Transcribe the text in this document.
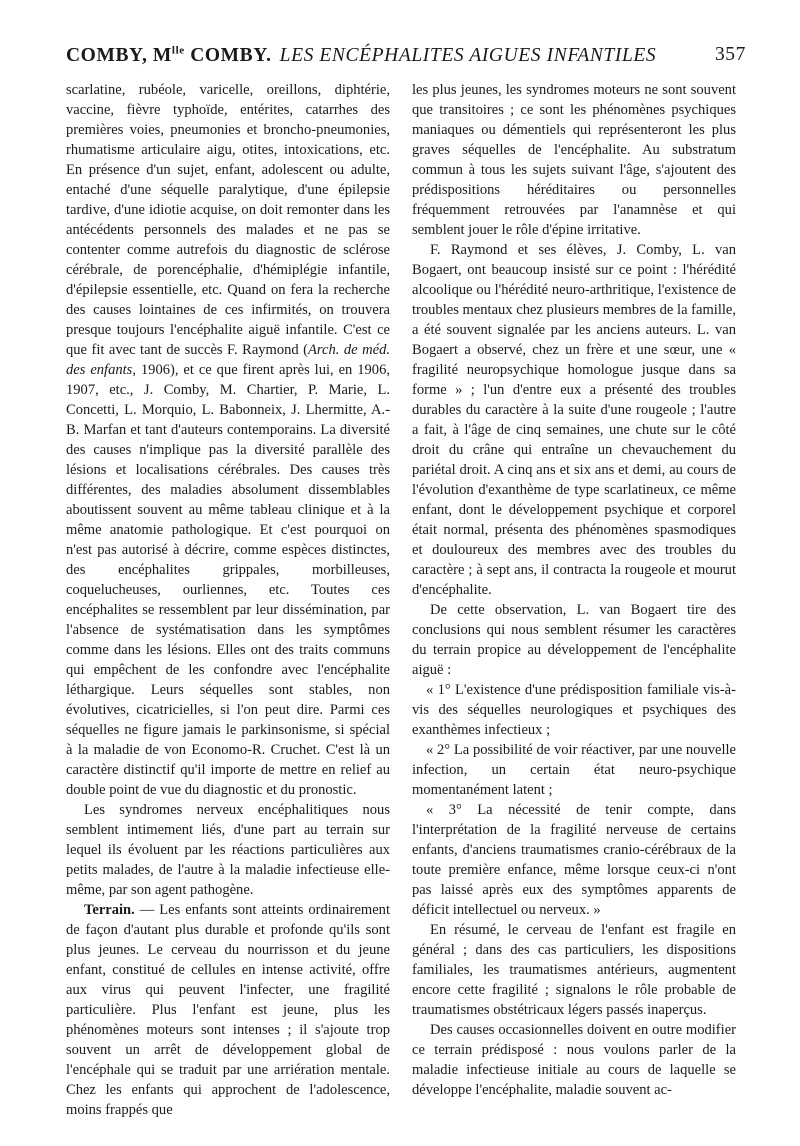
COMBY, $M^{lle}$ COMBY. LES ENCÉPHALITES AIGUES INFANTILES	357

scarlatine, rubéole, varicelle, oreillons, diphtérie, vaccine, fièvre typhoïde, entérites, catarrhes des premières voies, pneumonies et broncho-pneumonies, rhumatisme articulaire aigu, otites, intoxications, etc. En présence d'un sujet, enfant, adolescent ou adulte, entaché d'une séquelle paralytique, d'une épilepsie tardive, d'une idiotie acquise, on doit remonter dans les antécédents personnels des malades et ne pas se contenter comme autrefois du diagnostic de sclérose cérébrale, de porencéphalie, d'hémiplégie infantile, d'épilepsie essentielle, etc. Quand on fera la recherche des causes lointaines de ces infirmités, on trouvera presque toujours l'encéphalite aiguë infantile. C'est ce que fit avec tant de succès F. Raymond (Arch. de méd. des enfants, 1906), et ce que firent après lui, en 1906, 1907, etc., J. Comby, M. Chartier, P. Marie, L. Concetti, L. Morquio, L. Babonneix, J. Lhermitte, A.-B. Marfan et tant d'auteurs contemporains. La diversité des causes n'implique pas la diversité parallèle des lésions et localisations cérébrales. Des causes très différentes, des maladies absolument dissemblables aboutissent souvent au même tableau clinique et à la même anatomie pathologique. Et c'est pourquoi on n'est pas autorisé à décrire, comme espèces distinctes, des encéphalites grippales, morbilleuses, coquelucheuses, ourliennes, etc. Toutes ces encéphalites se ressemblent par leur dissémination, par l'absence de systématisation dans les symptômes comme dans les lésions. Elles ont des traits communs qui empêchent de les confondre avec l'encéphalite léthargique. Leurs séquelles sont stables, non évolutives, cicatricielles, si l'on peut dire. Parmi ces séquelles ne figure jamais le parkinsonisme, si spécial à la maladie de von Economo-R. Cruchet. C'est là un caractère distinctif qu'il importe de mettre en relief au double point de vue du diagnostic et du pronostic.

Les syndromes nerveux encéphalitiques nous semblent intimement liés, d'une part au terrain sur lequel ils évoluent par les réactions particulières aux petits malades, de l'autre à la maladie infectieuse elle-même, par son agent pathogène.

Terrain. — Les enfants sont atteints ordinairement de façon d'autant plus durable et profonde qu'ils sont plus jeunes. Le cerveau du nourrisson et du jeune enfant, constitué de cellules en intense activité, offre aux virus qui peuvent l'infecter, une fragilité particulière. Plus l'enfant est jeune, plus les phénomènes moteurs sont intenses ; il s'ajoute trop souvent un arrêt de développement global de l'encéphale qui se traduit par une arriération mentale. Chez les enfants qui approchent de l'adolescence, moins frappés que

les plus jeunes, les syndromes moteurs ne sont souvent que transitoires ; ce sont les phénomènes psychiques maniaques ou démentiels qui représenteront les plus graves séquelles de l'encéphalite. Au substratum commun à tous les sujets suivant l'âge, s'ajoutent des prédispositions héréditaires ou personnelles fréquemment retrouvées par l'anamnèse et qui semblent jouer le rôle d'épine irritative.

F. Raymond et ses élèves, J. Comby, L. van Bogaert, ont beaucoup insisté sur ce point : l'hérédité alcoolique ou l'hérédité neuro-arthritique, l'existence de troubles mentaux chez plusieurs membres de la famille, a été souvent signalée par les anciens auteurs. L. van Bogaert a observé, chez un frère et une sœur, une « fragilité neuropsychique homologue jusque dans sa forme » ; l'un d'entre eux a présenté des troubles durables du caractère à la suite d'une rougeole ; l'autre a fait, à l'âge de cinq semaines, une chute sur le côté droit du crâne qui entraîne un chevauchement du pariétal droit. A cinq ans et six ans et demi, au cours de l'évolution d'exanthème de type scarlatineux, ce même enfant, dont le développement psychique et corporel était normal, présenta des phénomènes spasmodiques et douloureux des membres avec des troubles du caractère ; à sept ans, il contracta la rougeole et mourut d'encéphalite.

De cette observation, L. van Bogaert tire des conclusions qui nous semblent résumer les caractères du terrain propice au développement de l'encéphalite aiguë :

« 1° L'existence d'une prédisposition familiale vis-à-vis des séquelles neurologiques et psychiques des exanthèmes infectieux ;

« 2° La possibilité de voir réactiver, par une nouvelle infection, un certain état neuro-psychique momentanément latent ;

« 3° La nécessité de tenir compte, dans l'interprétation de la fragilité nerveuse de certains enfants, d'anciens traumatismes cranio-cérébraux de la toute première enfance, même lorsque ceux-ci n'ont pas laissé après eux des symptômes apparents de déficit intellectuel ou nerveux. »

En résumé, le cerveau de l'enfant est fragile en général ; dans des cas particuliers, les dispositions familiales, les traumatismes antérieurs, augmentent encore cette fragilité ; signalons le rôle probable de traumatismes obstétricaux légers passés inaperçus.

Des causes occasionnelles doivent en outre modifier ce terrain prédisposé : nous voulons parler de la maladie infectieuse initiale au cours de laquelle se développe l'encéphalite, maladie souvent ac-
